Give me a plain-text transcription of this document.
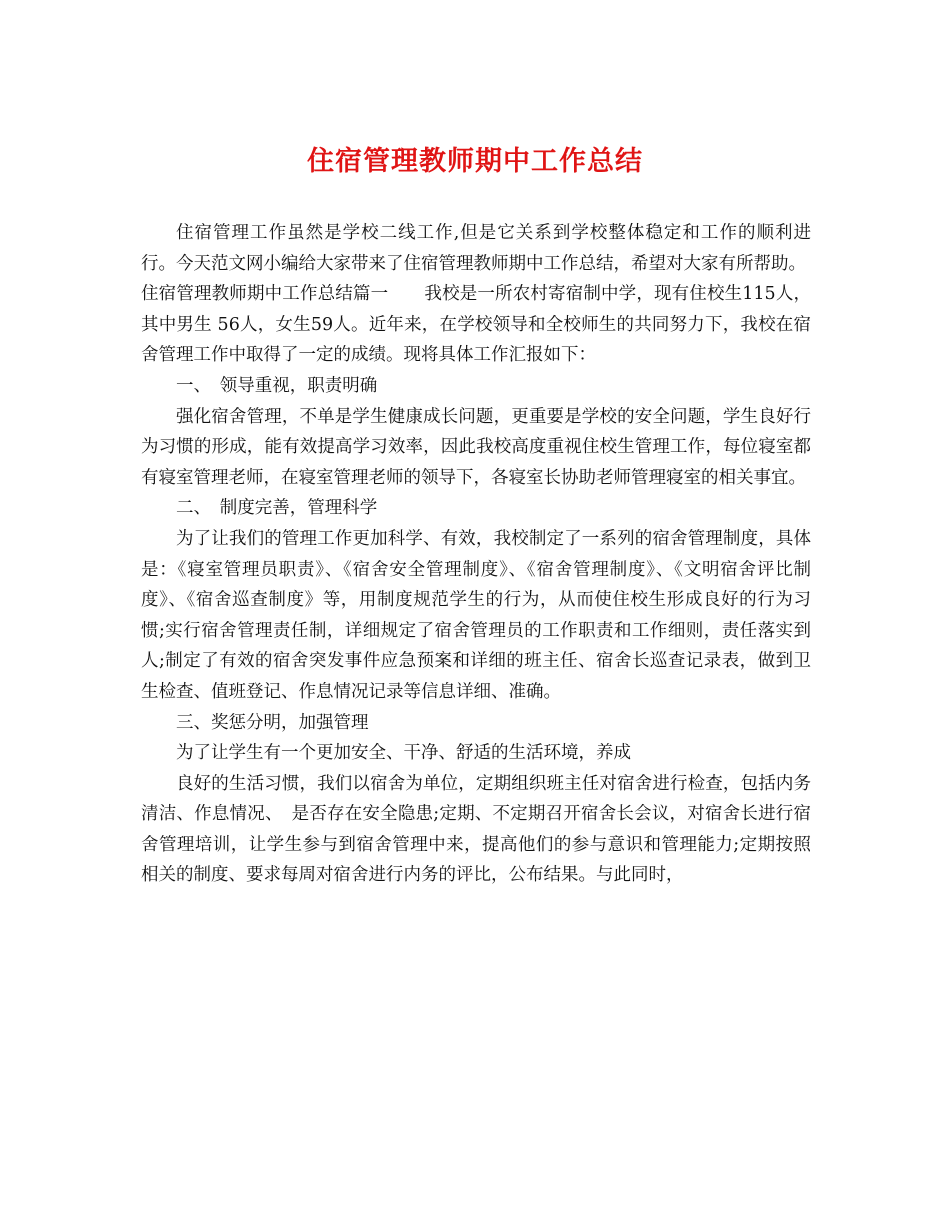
住宿管理教师期中工作总结

住宿管理工作虽然是学校二线工作,但是它关系到学校整体稳定和工作的顺利进行。今天范文网小编给大家带来了住宿管理教师期中工作总结，希望对大家有所帮助。

住宿管理教师期中工作总结篇一 我校是一所农村寄宿制中学，现有住校生115人，其中男生 56人，女生59人。近年来，在学校领导和全校师生的共同努力下，我校在宿舍管理工作中取得了一定的成绩。现将具体工作汇报如下：

一、　领导重视，职责明确

强化宿舍管理，不单是学生健康成长问题，更重要是学校的安全问题，学生良好行为习惯的形成，能有效提高学习效率，因此我校高度重视住校生管理工作，每位寝室都有寝室管理老师，在寝室管理老师的领导下，各寝室长协助老师管理寝室的相关事宜。

二、　制度完善，管理科学

为了让我们的管理工作更加科学、有效，我校制定了一系列的宿舍管理制度，具体是：《寝室管理员职责》、《宿舍安全管理制度》、《宿舍管理制度》、《文明宿舍评比制度》、《宿舍巡查制度》等，用制度规范学生的行为，从而使住校生形成良好的行为习惯;实行宿舍管理责任制，详细规定了宿舍管理员的工作职责和工作细则，责任落实到人;制定了有效的宿舍突发事件应急预案和详细的班主任、宿舍长巡查记录表，做到卫生检查、值班登记、作息情况记录等信息详细、准确。

三、奖惩分明，加强管理

为了让学生有一个更加安全、干净、舒适的生活环境，养成

良好的生活习惯，我们以宿舍为单位，定期组织班主任对宿舍进行检查，包括内务清洁、作息情况、　是否存在安全隐患;定期、不定期召开宿舍长会议，对宿舍长进行宿舍管理培训，让学生参与到宿舍管理中来，提高他们的参与意识和管理能力;定期按照相关的制度、要求每周对宿舍进行内务的评比，公布结果。与此同时，
